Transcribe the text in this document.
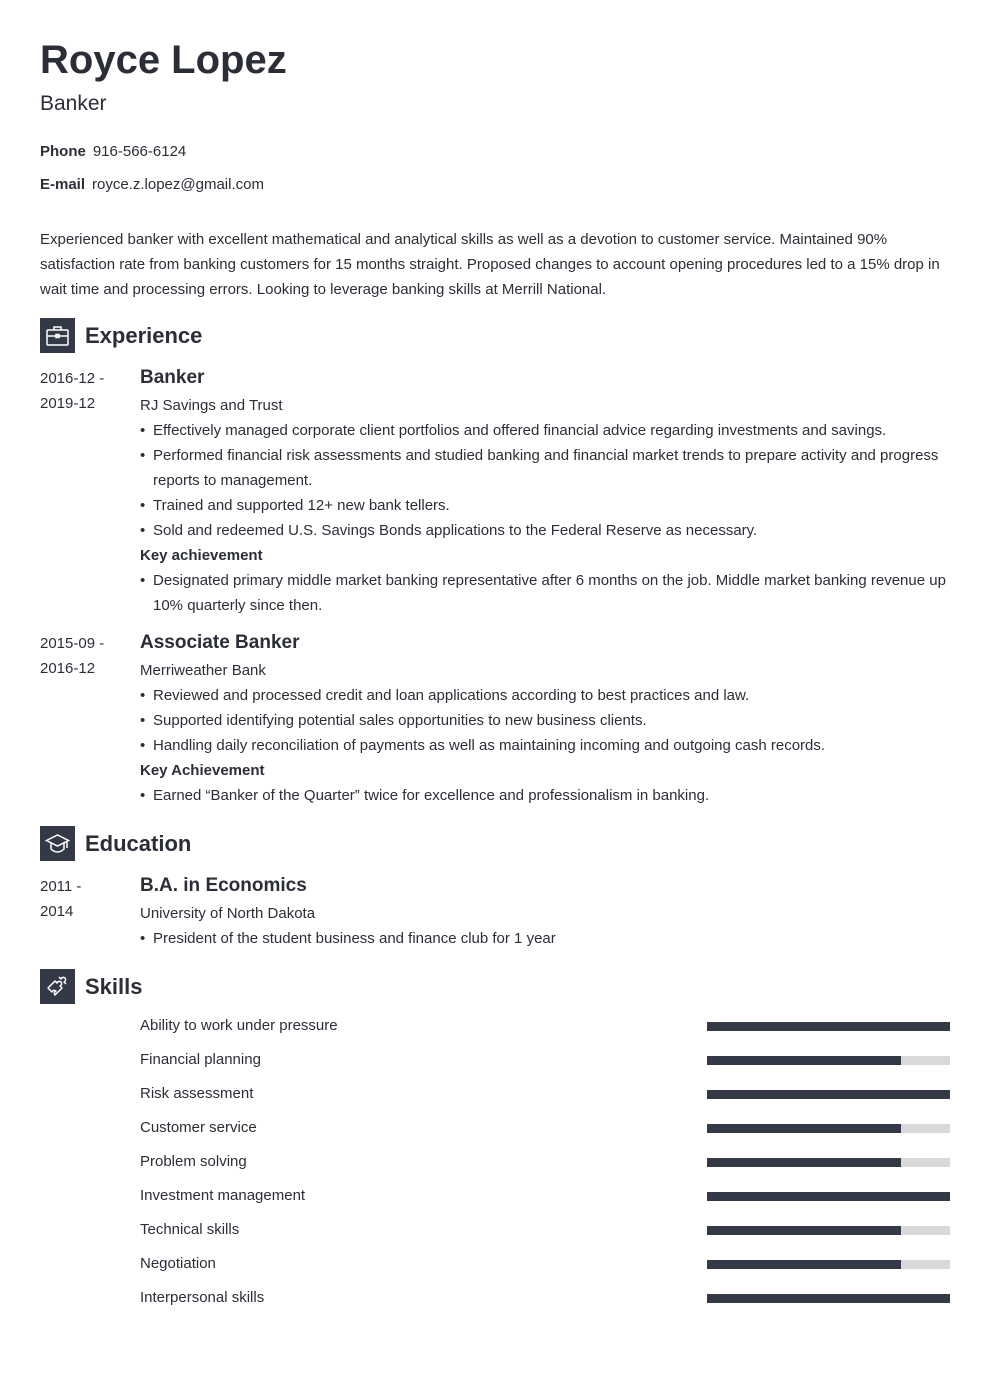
Royce Lopez
Banker
Phone 916-566-6124
E-mail royce.z.lopez@gmail.com
Experienced banker with excellent mathematical and analytical skills as well as a devotion to customer service. Maintained 90% satisfaction rate from banking customers for 15 months straight. Proposed changes to account opening procedures led to a 15% drop in wait time and processing errors. Looking to leverage banking skills at Merrill National.
Experience
2016-12 -
2019-12
Banker
RJ Savings and Trust
• Effectively managed corporate client portfolios and offered financial advice regarding investments and savings.
• Performed financial risk assessments and studied banking and financial market trends to prepare activity and progress reports to management.
• Trained and supported 12+ new bank tellers.
• Sold and redeemed U.S. Savings Bonds applications to the Federal Reserve as necessary.
Key achievement
• Designated primary middle market banking representative after 6 months on the job. Middle market banking revenue up 10% quarterly since then.
2015-09 -
2016-12
Associate Banker
Merriweather Bank
• Reviewed and processed credit and loan applications according to best practices and law.
• Supported identifying potential sales opportunities to new business clients.
• Handling daily reconciliation of payments as well as maintaining incoming and outgoing cash records.
Key Achievement
• Earned “Banker of the Quarter” twice for excellence and professionalism in banking.
Education
2011 -
2014
B.A. in Economics
University of North Dakota
• President of the student business and finance club for 1 year
Skills
Ability to work under pressure
Financial planning
Risk assessment
Customer service
Problem solving
Investment management
Technical skills
Negotiation
Interpersonal skills
